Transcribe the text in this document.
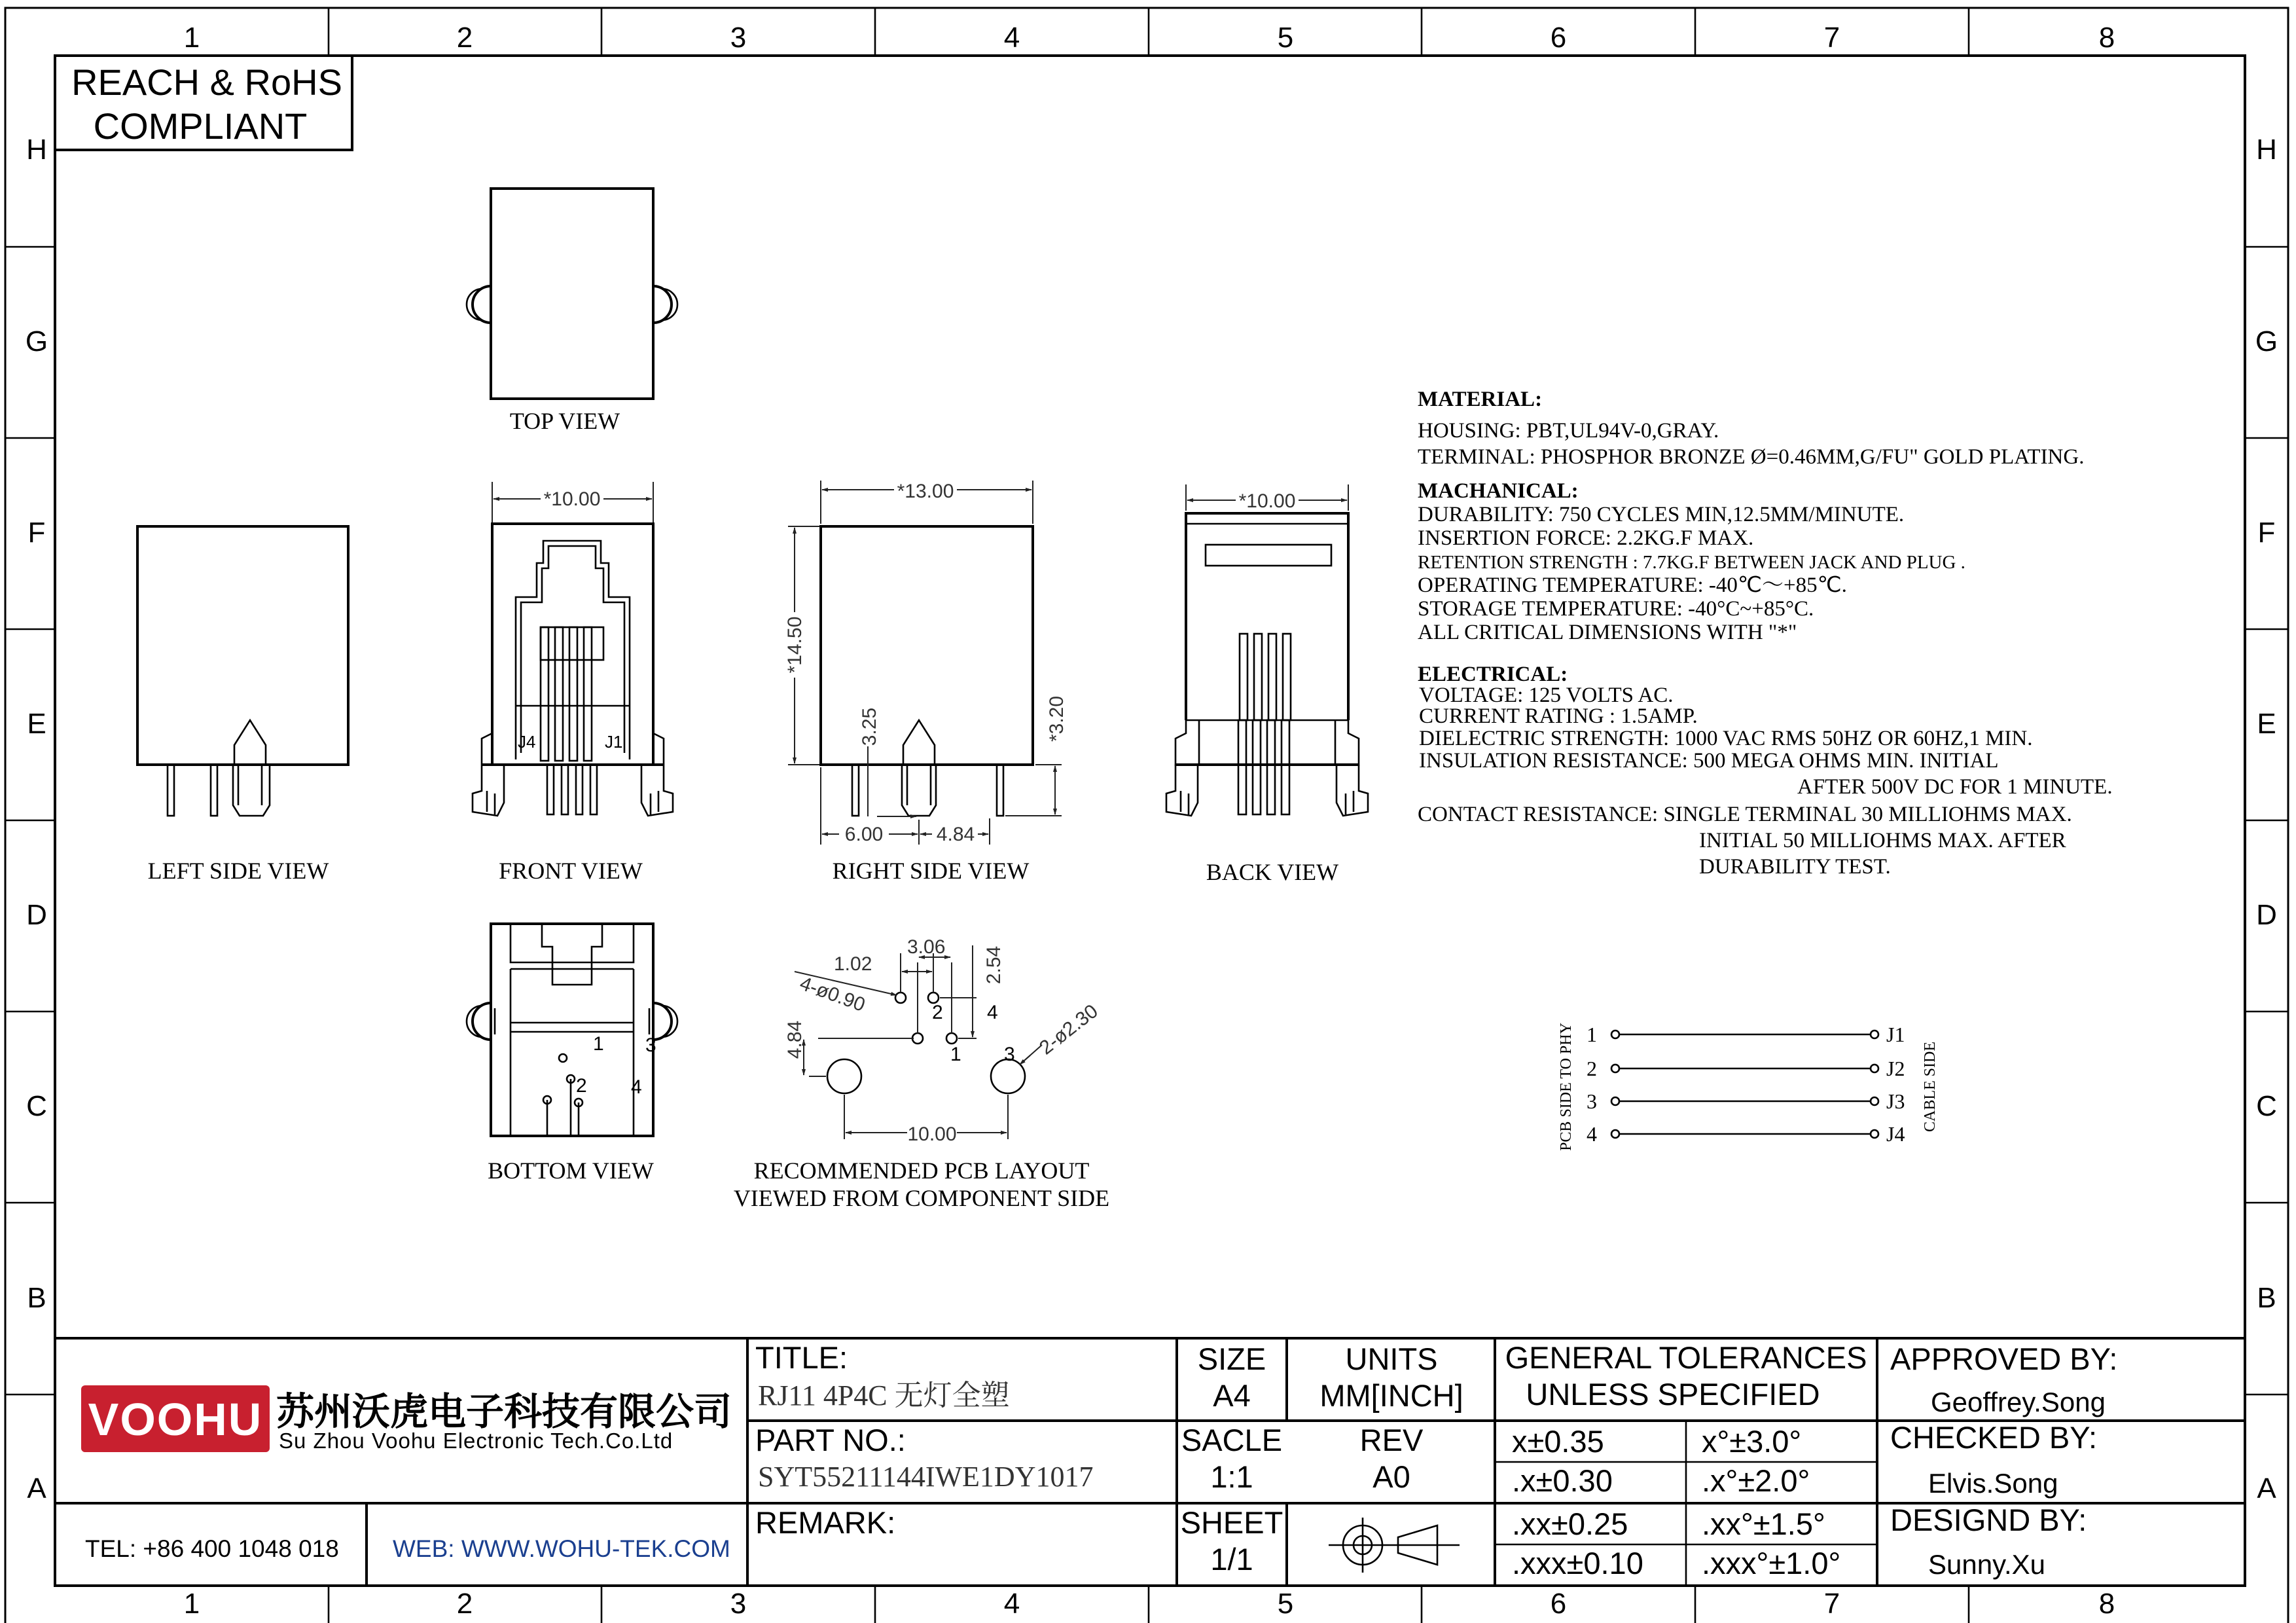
1	2	3	4	5	6	7	8
1	2	3	4	5	6	7	8
H
G
F
E
D
C
B
A
H
G
F
E
D
C
B
A
REACH & RoHS
COMPLIANT
TOP VIEW
LEFT SIDE VIEW
J4	J1
*10.00
FRONT VIEW
*13.00
*14.50
3.25	*3.20
6.00	4.84
RIGHT SIDE VIEW
*10.00
BACK VIEW
1
2
3
4
BOTTOM VIEW
10.00
4-ø0.90
1.02
3.06 2.54
4.84	2-ø2.30
2 4
1 3
RECOMMENDED PCB LAYOUT
VIEWED FROM COMPONENT SIDE
MATERIAL:
HOUSING: PBT,UL94V-0,GRAY.
TERMINAL: PHOSPHOR BRONZE Ø=0.46MM,G/FU" GOLD PLATING.
MACHANICAL:
DURABILITY: 750 CYCLES MIN,12.5MM/MINUTE.
INSERTION FORCE: 2.2KG.F MAX.
RETENTION STRENGTH : 7.7KG.F BETWEEN JACK AND PLUG .
OPERATING TEMPERATURE: -40℃～+85℃.
STORAGE TEMPERATURE: -40°C~+85°C.
ALL CRITICAL DIMENSIONS WITH "*"
ELECTRICAL:
VOLTAGE: 125 VOLTS AC.
CURRENT RATING : 1.5AMP.
DIELECTRIC STRENGTH: 1000 VAC RMS 50HZ OR 60HZ,1 MIN.
INSULATION RESISTANCE: 500 MEGA OHMS MIN. INITIAL
AFTER 500V DC FOR 1 MINUTE.
CONTACT RESISTANCE: SINGLE TERMINAL 30 MILLIOHMS MAX.
INITIAL 50 MILLIOHMS MAX. AFTER
DURABILITY TEST.
PCB SIDE TO PHY	CABLE SIDE
1
2
3
4
J1
J2
J3
J4
VOOHU 苏州沃虎电子科技有限公司
Su Zhou Voohu Electronic Tech.Co.Ltd
TEL: +86 400 1048 018 WEB: WWW.WOHU-TEK.COM
TITLE:
RJ11 4P4C 无灯全塑
PART NO.:
SYT55211144IWE1DY1017
REMARK:
SIZE
A4
UNITS
MM[INCH]
SACLE
1:1
REV
A0
SHEET
1/1
GENERAL TOLERANCES
UNLESS SPECIFIED
x±0.35	x°±3.0°
.x±0.30	.x°±2.0°
.xx±0.25 .xx°±1.5°
.xxx±0.10 .xxx°±1.0°
APPROVED BY:
Geoffrey.Song
CHECKED BY:
Elvis.Song
DESIGND BY:
Sunny.Xu
